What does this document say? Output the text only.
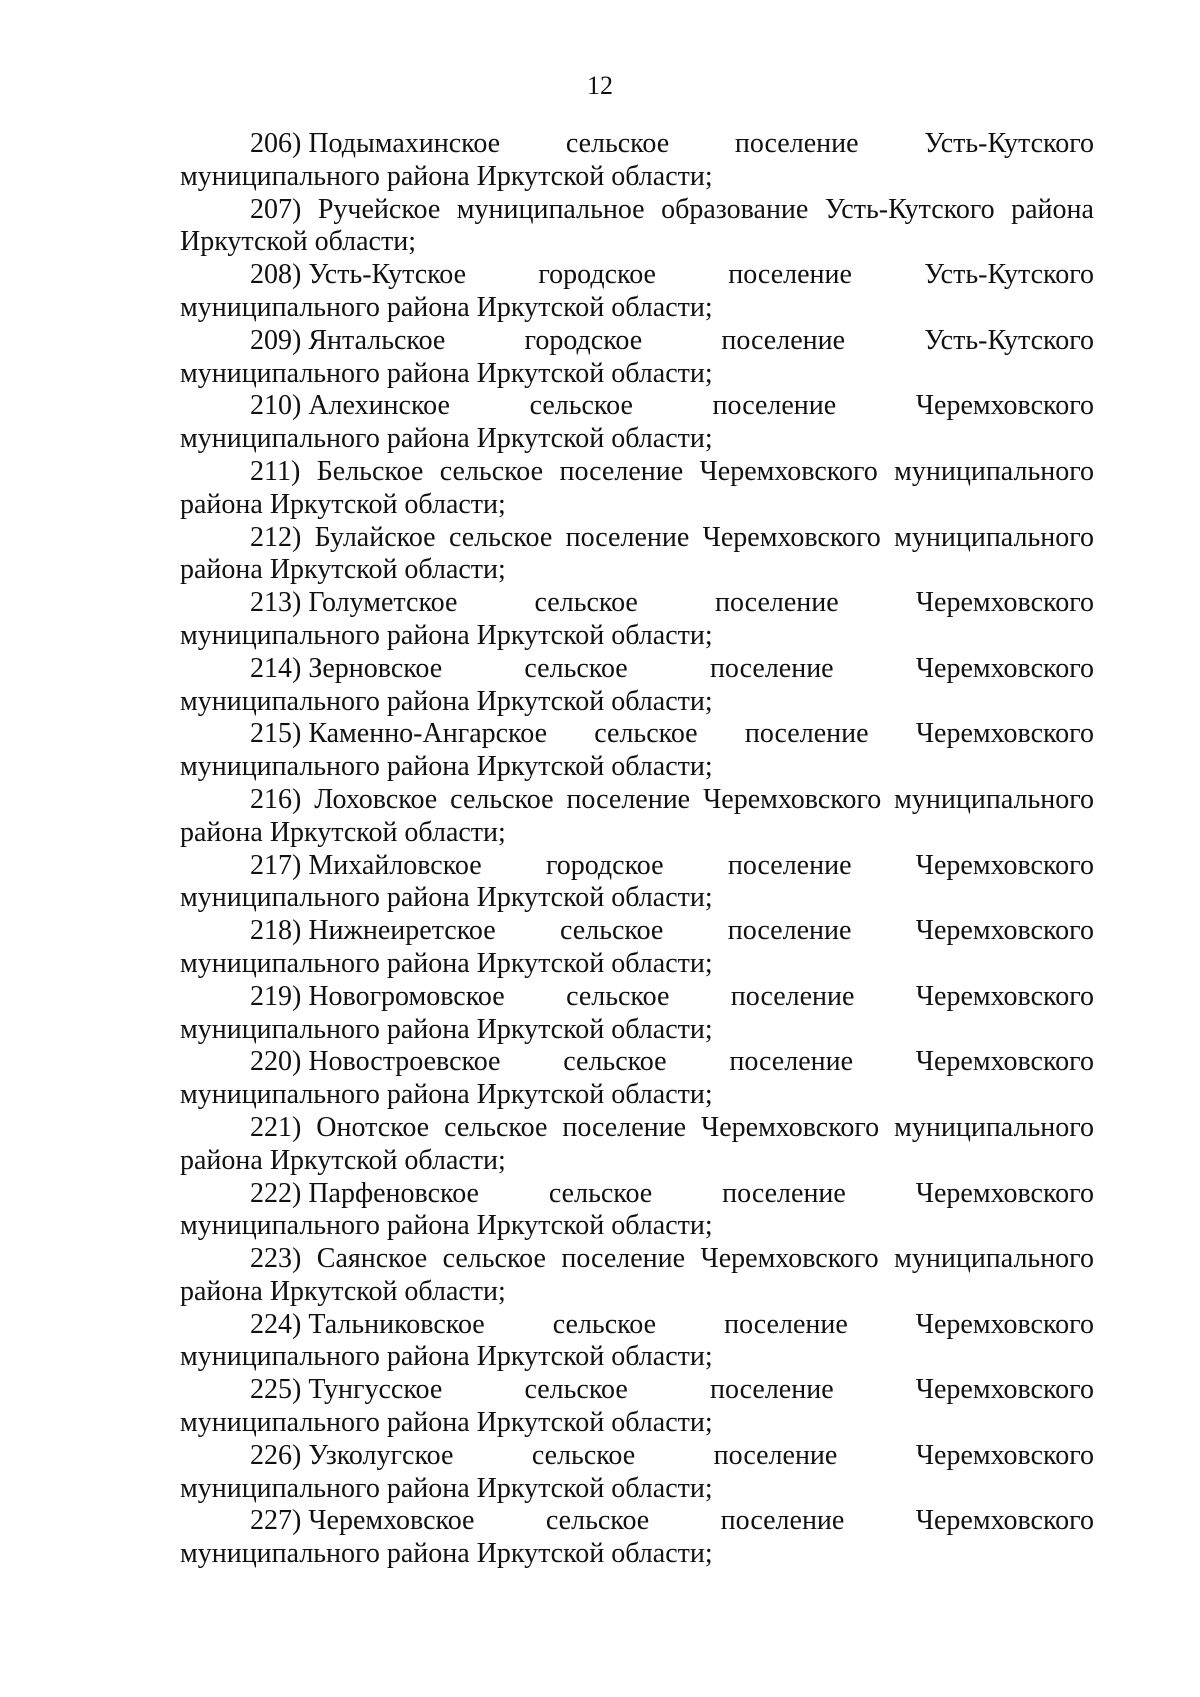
12
206) Подымахинское сельское поселение Усть-Кутского
муниципального района Иркутской области;
207) Ручейское муниципальное образование Усть-Кутского района
Иркутской области;
208) Усть-Кутское	городское	поселение	Усть-Кутского
муниципального района Иркутской области;
209) Янтальское	городское	поселение	Усть-Кутского
муниципального района Иркутской области;
210) Алехинское	сельское	поселение	Черемховского
муниципального района Иркутской области;
211) Бельское сельское поселение Черемховского муниципального
района Иркутской области;
212) Булайское сельское поселение Черемховского муниципального
района Иркутской области;
213) Голуметское	сельское	поселение	Черемховского
муниципального района Иркутской области;
214) Зерновское	сельское	поселение	Черемховского
муниципального района Иркутской области;
215) Каменно-Ангарское сельское поселение Черемховского
муниципального района Иркутской области;
216) Лоховское сельское поселение Черемховского муниципального
района Иркутской области;
217) Михайловское городское поселение Черемховского
муниципального района Иркутской области;
218) Нижнеиретское сельское поселение Черемховского
муниципального района Иркутской области;
219) Новогромовское сельское поселение Черемховского
муниципального района Иркутской области;
220) Новостроевское сельское поселение Черемховского
муниципального района Иркутской области;
221) Онотское сельское поселение Черемховского муниципального
района Иркутской области;
222) Парфеновское сельское поселение Черемховского
муниципального района Иркутской области;
223) Саянское сельское поселение Черемховского муниципального
района Иркутской области;
224) Тальниковское сельское поселение Черемховского
муниципального района Иркутской области;
225) Тунгусское	сельское	поселение	Черемховского
муниципального района Иркутской области;
226) Узколугское	сельское	поселение	Черемховского
муниципального района Иркутской области;
227) Черемховское	сельское	поселение	Черемховского
муниципального района Иркутской области;
